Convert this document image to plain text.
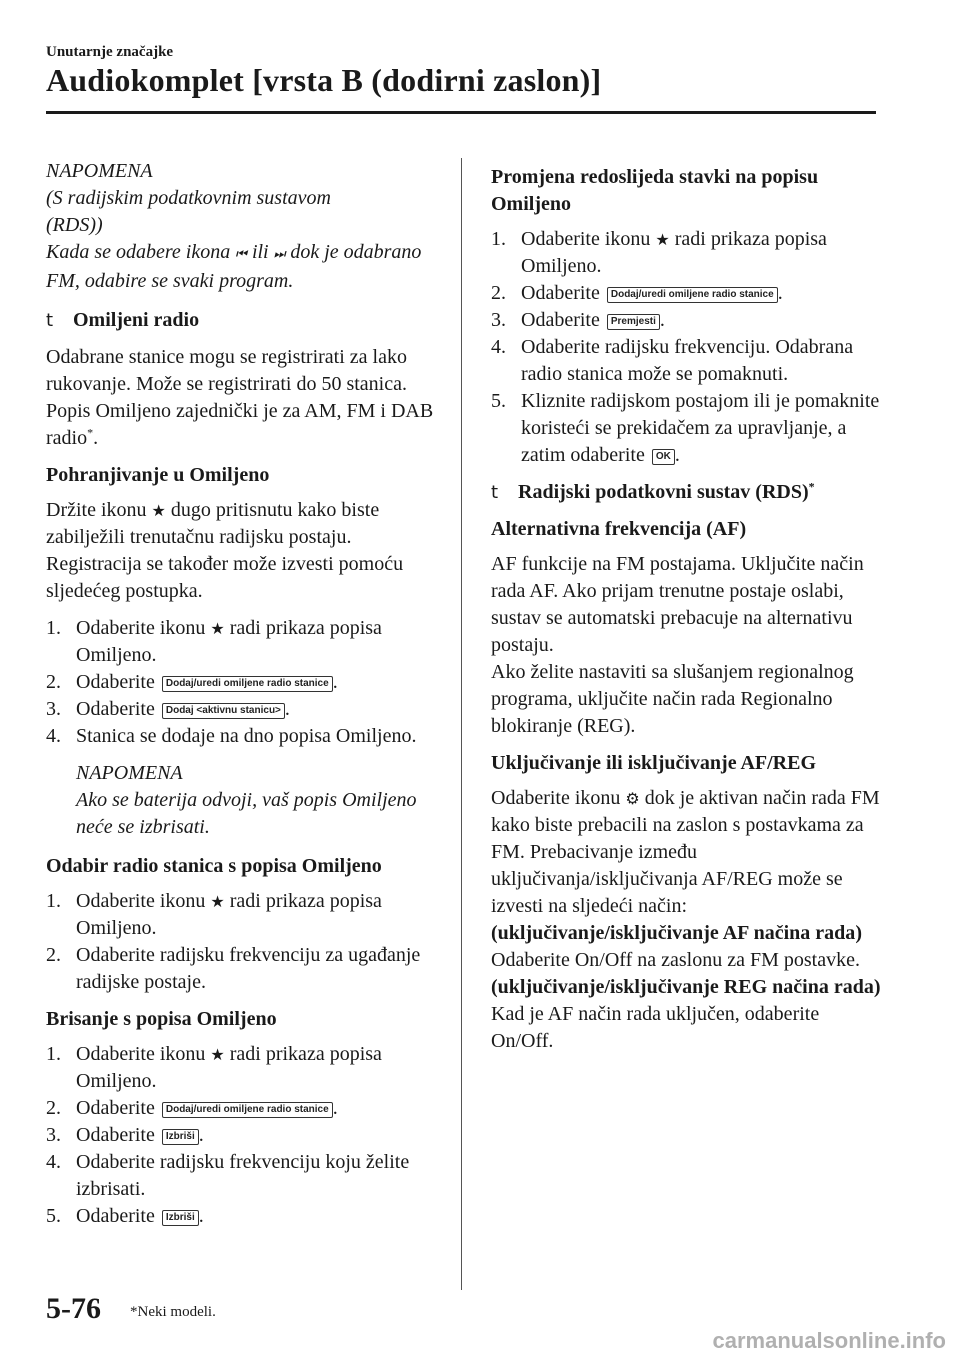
Unutarnje značajke
Audiokomplet [vrsta B (dodirni zaslon)]
NAPOMENA
(S radijskim podatkovnim sustavom
(RDS))
Kada se odabere ikona ⏮ ili ⏭ dok je odabrano FM, odabire se svaki program.
t Omiljeni radio

Odabrane stanice mogu se registrirati za lako rukovanje. Može se registrirati do 50 stanica. Popis Omiljeno zajednički je za AM, FM i DAB radio*.

Pohranjivanje u Omiljeno

Držite ikonu ★ dugo pritisnutu kako biste zabilježili trenutačnu radijsku postaju. Registracija se također može izvesti pomoću sljedećeg postupka.

1. Odaberite ikonu ★ radi prikaza popisa Omiljeno.
2. Odaberite Dodaj/uredi omiljene radio stanice .
3. Odaberite Dodaj <aktivnu stanicu> .
4. Stanica se dodaje na dno popisa Omiljeno.
NAPOMENA
Ako se baterija odvoji, vaš popis Omiljeno neće se izbrisati.
Odabir radio stanica s popisa Omiljeno
1. Odaberite ikonu ★ radi prikaza popisa Omiljeno.
2. Odaberite radijsku frekvenciju za ugađanje radijske postaje.
Brisanje s popisa Omiljeno
1. Odaberite ikonu ★ radi prikaza popisa Omiljeno.
2. Odaberite Dodaj/uredi omiljene radio stanice .
3. Odaberite Izbriši .
4. Odaberite radijsku frekvenciju koju želite izbrisati.
5. Odaberite Izbriši .
Promjena redoslijeda stavki na popisu Omiljeno
1. Odaberite ikonu ★ radi prikaza popisa Omiljeno.
2. Odaberite Dodaj/uredi omiljene radio stanice .
3. Odaberite Premjesti .
4. Odaberite radijsku frekvenciju. Odabrana radio stanica može se pomaknuti.
5. Kliznite radijskom postajom ili je pomaknite koristeći se prekidačem za upravljanje, a zatim odaberite OK .
t Radijski podatkovni sustav (RDS)*
Alternativna frekvencija (AF)

AF funkcije na FM postajama. Uključite način rada AF. Ako prijam trenutne postaje oslabi, sustav se automatski prebacuje na alternativu postaju.

Ako želite nastaviti sa slušanjem regionalnog programa, uključite način rada Regionalno blokiranje (REG).

Uključivanje ili isključivanje AF/REG

Odaberite ikonu ⚙ dok je aktivan način rada FM kako biste prebacili na zaslon s postavkama za FM. Prebacivanje između uključivanja/isključivanja AF/REG može se izvesti na sljedeći način:

(uključivanje/isključivanje AF načina rada)
Odaberite On/Off na zaslonu za FM postavke.
(uključivanje/isključivanje REG načina rada)
Kad je AF način rada uključen, odaberite On/Off.
5-76 *Neki modeli.
carmanualsonline.info
